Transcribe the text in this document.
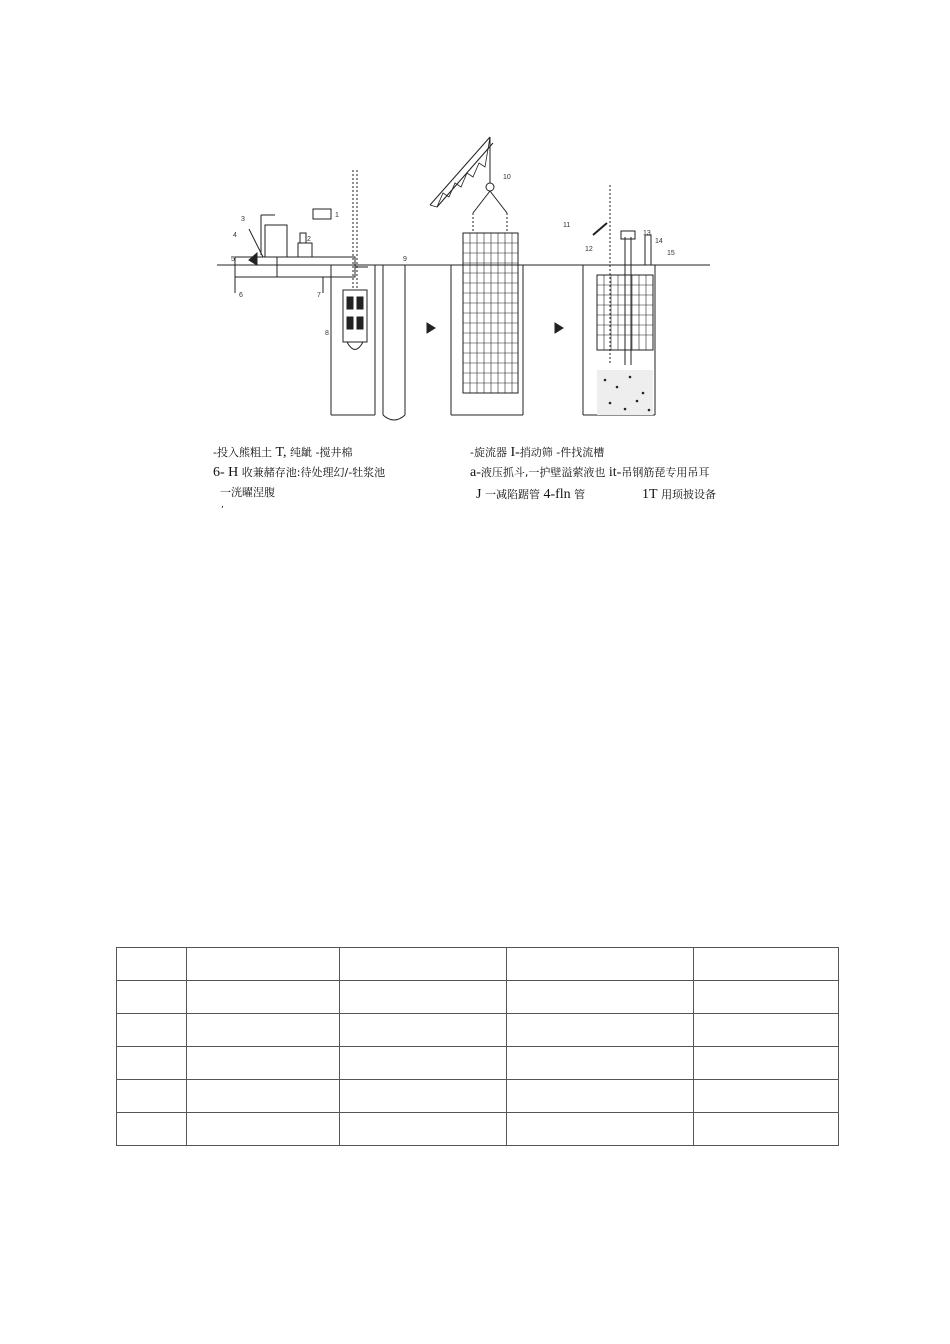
1
2
3
4
5
6	7
8
9
10
11
12
13
14
15
-投入熊粗土 T, 纯龇 -搅井棉
6- H 收兼赭存池:待处理幻/-牡浆池
一洸曜涅腹
,
-旋流器 I-捎动筛 -件找流槽
a-液压抓斗,一护壁溢萦液也 it-吊钢筋琵专用吊耳
J 一减陷踞管 4-fln 管	1T 用顼披设备
